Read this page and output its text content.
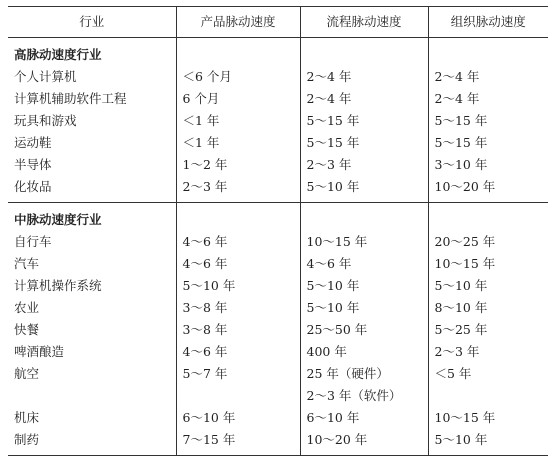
行业	产品脉动速度	流程脉动速度	组织脉动速度
高脉动速度行业			
个人计算机	＜6 个月	2～4 年	2～4 年
计算机辅助软件工程	6 个月	2～4 年	2～4 年
玩具和游戏	＜1 年	5～15 年	5～15 年
运动鞋	＜1 年	5～15 年	5～15 年
半导体	1～2 年	2～3 年	3～10 年
化妆品	2～3 年	5～10 年	10～20 年
中脉动速度行业			
自行车	4～6 年	10～15 年	20～25 年
汽车	4～6 年	4～6 年	10～15 年
计算机操作系统	5～10 年	5～10 年	5～10 年
农业	3～8 年	5～10 年	8～10 年
快餐	3～8 年	25～50 年	5～25 年
啤酒酿造	4～6 年	400 年	2～3 年
航空	5～7 年	25 年（硬件）	＜5 年
		2～3 年（软件）	
机床	6～10 年	6～10 年	10～15 年
制药	7～15 年	10～20 年	5～10 年
